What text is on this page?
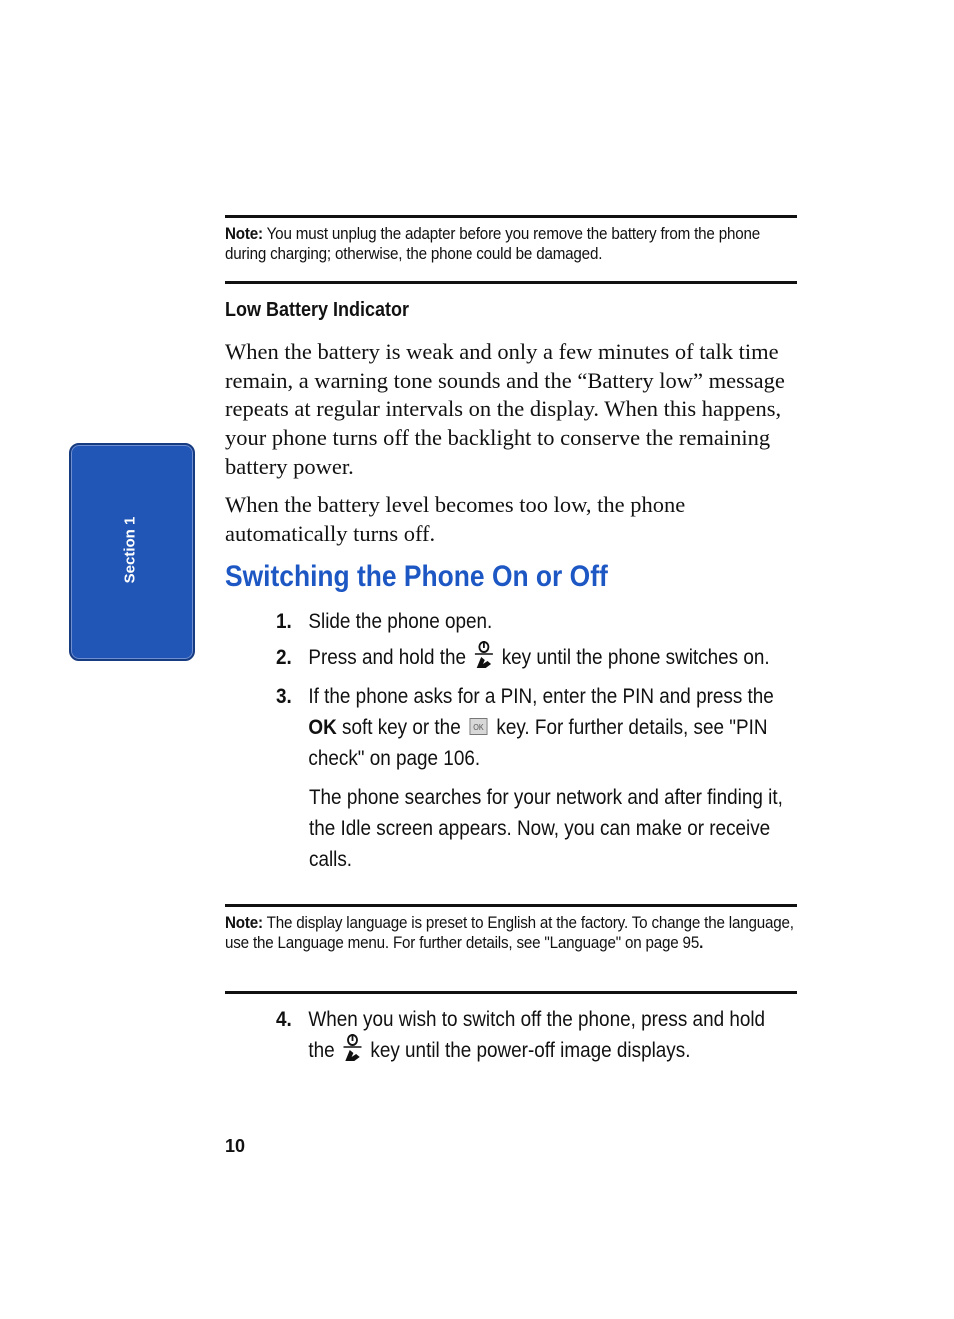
Note: You must unplug the adapter before you remove the battery from the phone during charging; otherwise, the phone could be damaged.
Low Battery Indicator

When the battery is weak and only a few minutes of talk time remain, a warning tone sounds and the “Battery low” message repeats at regular intervals on the display. When this happens, your phone turns off the backlight to conserve the remaining battery power.

When the battery level becomes too low, the phone automatically turns off.

Switching the Phone On or Off
1. Slide the phone open.
2. Press and hold the  key until the phone switches on.
3. If the phone asks for a PIN, enter the PIN and press the OK soft key or the OK key. For further details, see "PIN check" on page 106.
The phone searches for your network and after finding it, the Idle screen appears. Now, you can make or receive calls.
Note: The display language is preset to English at the factory. To change the language, use the Language menu. For further details, see "Language" on page 95.
4. When you wish to switch off the phone, press and hold the  key until the power-off image displays.
Section 1
10
